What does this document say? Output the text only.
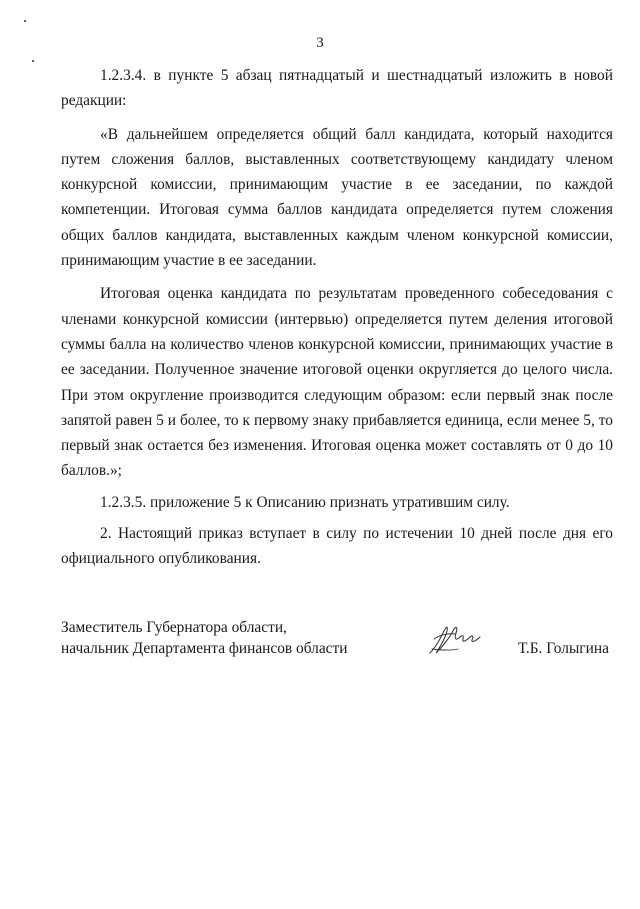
3

1.2.3.4. в пункте 5 абзац пятнадцатый и шестнадцатый изложить в новой редакции:

«В дальнейшем определяется общий балл кандидата, который находится путем сложения баллов, выставленных соответствующему кандидату членом конкурсной комиссии, принимающим участие в ее заседании, по каждой компетенции. Итоговая сумма баллов кандидата определяется путем сложения общих баллов кандидата, выставленных каждым членом конкурсной комиссии, принимающим участие в ее заседании.

Итоговая оценка кандидата по результатам проведенного собеседования с членами конкурсной комиссии (интервью) определяется путем деления итоговой суммы балла на количество членов конкурсной комиссии, принимающих участие в ее заседании. Полученное значение итоговой оценки округляется до целого числа. При этом округление производится следующим образом: если первый знак после запятой равен 5 и более, то к первому знаку прибавляется единица, если менее 5, то первый знак остается без изменения. Итоговая оценка может составлять от 0 до 10 баллов.»;

1.2.3.5. приложение 5 к Описанию признать утратившим силу.

2. Настоящий приказ вступает в силу по истечении 10 дней после дня его официального опубликования.

Заместитель Губернатора области,
начальник Департамента финансов области	Т.Б. Голыгина
